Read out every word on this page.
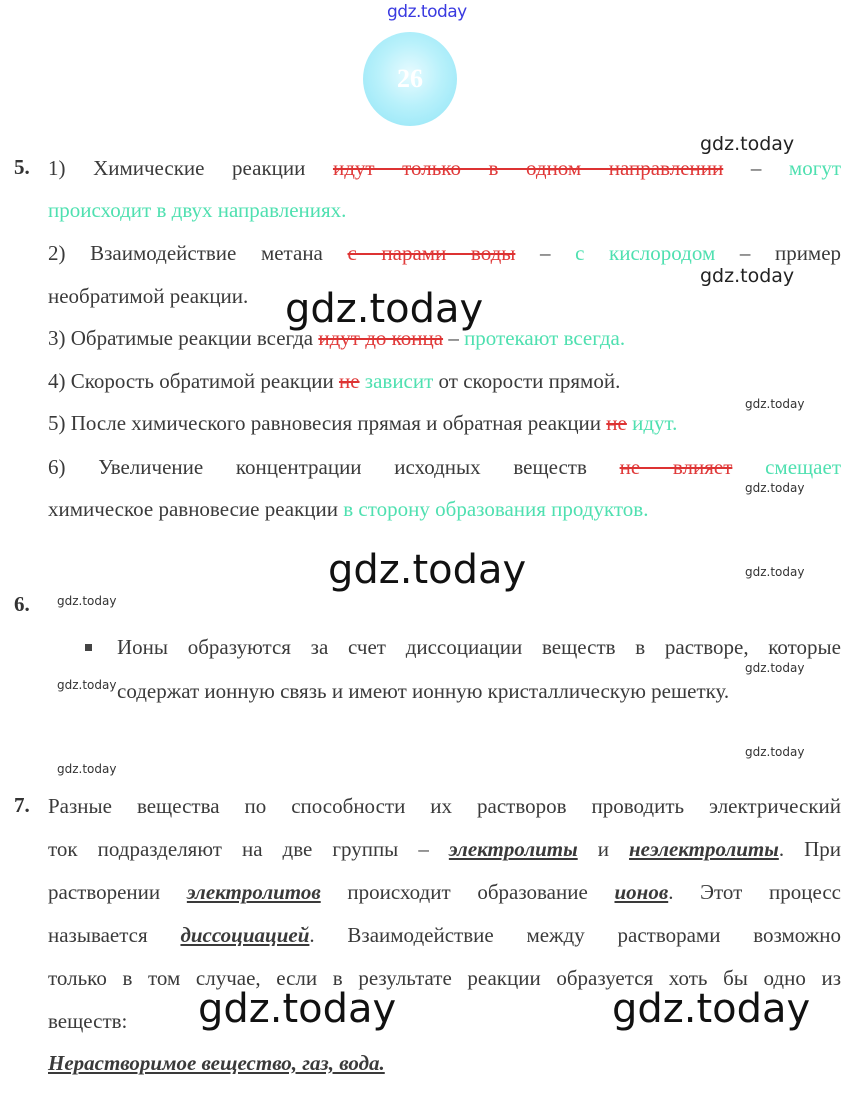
gdz.today
gdz.today
gdz.today
gdz.today
gdz.today
gdz.today
gdz.today	gdz.today
gdz.today
gdz.today
gdz.today
gdz.today
gdz.today
gdz.today	gdz.today
26
5. 1) Химические реакции идут только в одном направлении – могут
происходит в двух направлениях.
2) Взаимодействие метана с парами воды – с кислородом – пример
необратимой реакции.
3) Обратимые реакции всегда идут до конца – протекают всегда.
4) Скорость обратимой реакции не зависит от скорости прямой.
5) После химического равновесия прямая и обратная реакции не идут.
6) Увеличение концентрации исходных веществ не влияет смещает
химическое равновесие реакции в сторону образования продуктов.
6.
Ионы образуются за счет диссоциации веществ в растворе, которые
содержат ионную связь и имеют ионную кристаллическую решетку.
7. Разные вещества по способности их растворов проводить электрический
ток подразделяют на две группы – электролиты и неэлектролиты. При
растворении электролитов происходит образование ионов. Этот процесс
называется диссоциацией. Взаимодействие между растворами возможно
только в том случае, если в результате реакции образуется хоть бы одно из
веществ:
Нерастворимое вещество, газ, вода.
